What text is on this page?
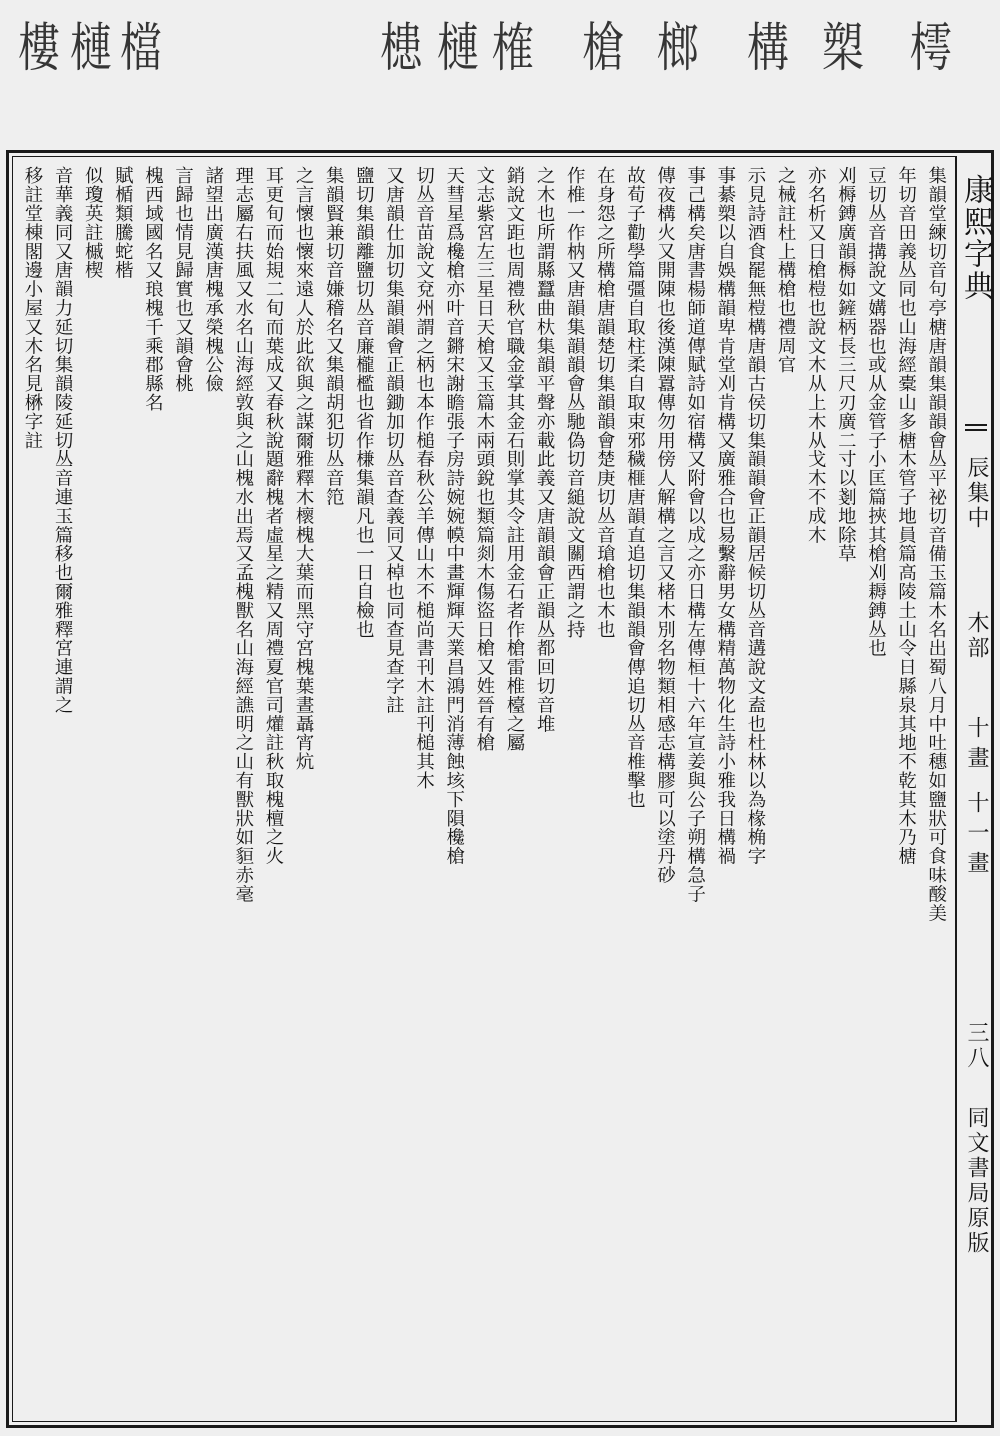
樗
槊
構
榔
槍
榷
槤
槵
檔
槤
樓
康熙字典
辰集中
木部
十畫 十一畫
三八
同文書局原版
集韻堂練切音句亭榶唐韻集韻韻會丛平祕切音備玉篇木名出蜀八月中吐穗如鹽狀可食味酸美
年切音田義丛同也山海經橐山多榶木管子地員篇高陵土山令日縣泉其地不乾其木乃榶
豆切丛音搆說文媾器也或从金管子小匡篇挾其槍刈耨鎛丛也
刈槈鎛廣韻槈如鏟柄長三尺刃廣二寸以剗地除草
亦名析又日槍榿也說文木从上木从戈木不成木
之械註杜上構槍也禮周官
示見詩酒食罷無榿構唐韻古侯切集韻韻會正韻居候切丛音遘說文盍也杜林以為椽桷字
事綦槊以自娛構韻卑肯堂刈肯構又廣雅合也易繫辭男女構精萬物化生詩小雅我日構禍
事己構矣唐書楊師道傳賦詩如宿構又附會以成之亦日構左傳桓十六年宣姜與公子朔構急子
傳夜構火又開陳也後漢陳囂傳勿用傍人解構之言又楮木別名物類相感志構膠可以塗丹砂
故荀子勸學篇彊自取柱柔自取束邪穢榧唐韻直追切集韻韻會傳追切丛音椎擊也
在身怨之所構槍唐韻楚切集韻韻會楚庚切丛音瑲槍也木也
作椎一作枘又唐韻集韻韻會丛馳偽切音縋說文關西謂之持
之木也所謂縣蠶曲杕集韻平聲亦載此義又唐韻韻會正韻丛都回切音堆
銷說文距也周禮秋官職金掌其金石則掌其令註用金石者作槍雷椎檯之屬
文志紫宮左三星日天槍又玉篇木兩頭銳也類篇剡木傷盜日槍又姓晉有槍
天彗星爲欃槍亦叶音鏘宋謝瞻張子房詩婉婉幙中畫輝輝天業昌鴻門消薄蝕垓下隕欃槍
切丛音苗說文兗州謂之柄也本作槌春秋公羊傳山木不槌尚書刊木註刊槌其木
又唐韻仕加切集韻韻會正韻鋤加切丛音查義同又棹也同查見查字註
鹽切集韻離鹽切丛音廉櫳檻也省作槏集韻凡也一日自檢也
集韻賢兼切音嫌稽名又集韻胡犯切丛音笵
之言懷也懷來遠人於此欲與之謀爾雅釋木櫰槐大葉而黑守宮槐葉晝聶宵炕
耳更旬而始規二旬而葉成又春秋說題辭槐者虛星之精又周禮夏官司爟註秋取槐檀之火
理志屬右扶風又水名山海經敦與之山槐水出焉又孟槐獸名山海經譙明之山有獸狀如貆赤毫
諸望出廣漢唐槐承榮槐公儉
言歸也情見歸實也又韻會桃
槐西域國名又琅槐千乘郡縣名
賦楯類騰蛇楷
似瓊英註槭楔
音華義同又唐韻力延切集韻陵延切丛音連玉篇移也爾雅釋宮連謂之
移註堂棟閣邊小屋又木名見楙字註
